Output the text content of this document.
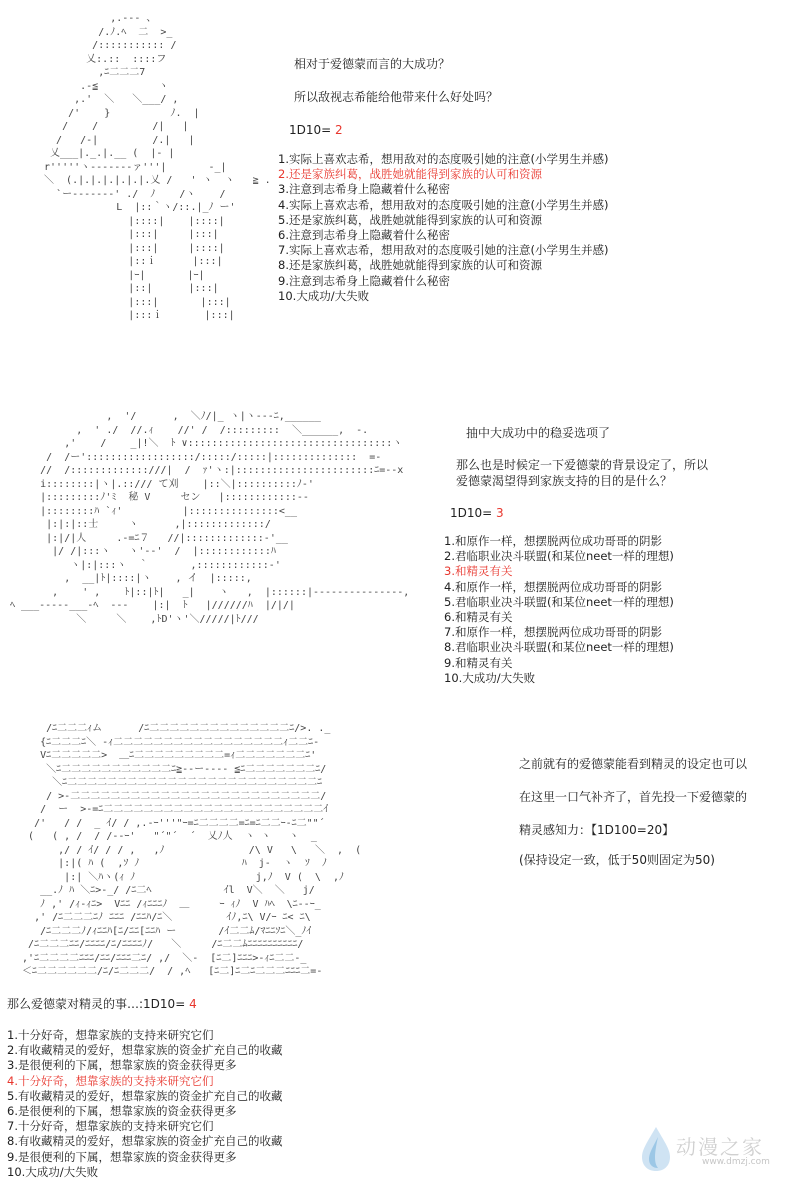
,.--- 、
/.ﾉ.ﾍ  二  >_
/::::::::::: /
乂:.::  ::::フ
,ﾆ二二二7
.-≦          ヽ
,.'  ＼   ＼___/ ,
/'    }          ﾉ.  |
/    /         /|   |
/   /-|         /.|   |
乂___|._.|.__ (  |- |
r'''''ヽ-------ァ'''|       -_|
＼  (.|.|.|.|.|.|.乂 /   ' ヽ  ヽ   ≧ .
`ー-------' ./  ﾉ    /ヽ    /
L  |::｀ヽ/::.|_ﾉ ー'
|::::|    |::::|
|:::|     |:::|
|:::|     |::::|
|::ｉ      |:::|
|ｰ|       |ｰ|
|::|      |:::|
|:::|       |:::|
|:::ｉ       |:::|
相对于爱德蒙而言的大成功？
所以敌视志希能给他带来什么好处吗？
1D10= 2
1.实际上喜欢志希，想用敌对的态度吸引她的注意(小学男生并感)
2.还是家族纠葛，战胜她就能得到家族的认可和资源
3.注意到志希身上隐藏着什么秘密
4.实际上喜欢志希，想用敌对的态度吸引她的注意(小学男生并感)
5.还是家族纠葛，战胜她就能得到家族的认可和资源
6.注意到志希身上隐藏着什么秘密
7.实际上喜欢志希，想用敌对的态度吸引她的注意(小学男生并感)
8.还是家族纠葛，战胜她就能得到家族的认可和资源
9.注意到志希身上隐藏着什么秘密
10.大成功/大失败
,  '/      ,  ＼ﾉ/|_ ヽ|ヽ---ﾆ,______
,  ' ./  //.ｨ    //' /  /:::::::::  ＼______,  -.
,'    /    _|!＼  ﾄ ∨::::::::::::::::::::::::::::::::::ヽ
/  /ー'::::::::::::::::::/:::::/:::::|::::::::::::::  =-
//  /:::::::::::::///|  /  ｧ'ヽ:|:::::::::::::::::::::::ﾆ=--x
i::::::::|ヽ|.::/// て刈    |::＼|::::::::::ﾉ-'
|:::::::::ﾉ'ﾐ  秘 V     セン   |::::::::::::--
|::::::::ﾊ `ｨ'          |:::::::::::::::<__
|:|:|::士     ヽ      ,|:::::::::::::/
|:|/|人     .-=ﾆ７   //|:::::::::::::-'__
|/ /|:::ヽ   ヽ'--'  /  |::::::::::::ﾊ
ヽ|:|:::ヽ  ｀       ,::::::::::::-'
,  __|ﾄ|::::|ヽ    , イ  |:::::,
,    ' ,    ﾄ|::|ﾄ|   _|    ヽ   ,  |::::::|---------------,
ﾍ ___-----___-ﾍ  ---    |:|  ﾄ   |//////ﾊ  |/|/|
＼     ＼    ,ﾄD'ヽ'＼/////|ﾄ///
抽中大成功中的稳妥选项了
那么也是时候定一下爱德蒙的背景设定了，所以
爱德蒙渴望得到家族支持的目的是什么？
1D10= 3
1.和原作一样，想摆脱两位成功哥哥的阴影
2.君临职业决斗联盟(和某位neet一样的理想)
3.和精灵有关
4.和原作一样，想摆脱两位成功哥哥的阴影
5.君临职业决斗联盟(和某位neet一样的理想)
6.和精灵有关
7.和原作一样，想摆脱两位成功哥哥的阴影
8.君临职业决斗联盟(和某位neet一样的理想)
9.和精灵有关
10.大成功/大失败
/ﾆ二二二ｨム      /ﾆ二二二二二二二二二二二二二二ﾆ/>. ._
{ﾆ二二二ﾆ＼ -ｨ二二二二二二二二二二二二二二二二二ｨ二二ﾆ-
Vﾆ二二二二二>  ＿ﾆ二二二二二二二二二=ｨ二二二二二二二ﾆ'
＼ﾆ二二二二二二二二二二二ﾆ≧--ー---- ≦ﾆ二二二二二二二ﾆ/
＼ﾆ二二二二二二二二二二二二二二二二二二二二二二二二二ﾆ
/ >-二二二二二二二二二二二二二二二二二二二二二二二二二/
/  ー  >-=ﾆ二二二二二二二二二二二二二二二二二二二二二二ｲ
/'   / /  _ ｲ/ / ,.-ｰ'''"ｰ=ﾆ二二二二=ﾆ=ﾆ二二ｰ-ﾆ二""´
(   ( , /  / /--ｰ'   "´"´  ´  乂ﾉ人  ヽ ヽ   ヽ  _
,/ / ｲ/ / / ,   ,ﾉ              /\ V   \   ＼  ,  (
|:|( ﾊ (  ,ｿ ﾉ                 ﾊ  j-  ヽ  ｿ  ﾉ
|:| ＼ﾊヽ(ｨ ﾉ                    j,ﾉ  V (  \  ,ﾉ
__.ﾉ ﾊ ＼ﾆ>-_/ /ﾆ二ﾍ            ｲl  V＼  ＼   j/
ﾉ ,' /ｨ-ｨﾆ>  Vﾆﾆ /ｨﾆﾆﾆﾉ  ＿     ｰ ｨﾉ  V ﾊﾍ  \ﾆ--ｰ_
,' /ﾆ二二二ﾆﾉ ﾆﾆﾆ /ﾆﾆﾊ/ﾆ＼         ｲﾉ,ﾆ\ V/ｰ ﾆ< ﾆ\
/ﾆ二二二ﾉ/ｨﾆﾆﾊ[ﾆ/ﾆﾆ[ﾆﾆﾊ ー       /ｲ二二ﾑ/ﾏﾆﾆｿﾆ＼_ﾉｲ
/ﾆ二二二ﾆﾆ/ﾆﾆﾆﾆ/ﾆ/ﾆﾆﾆﾆﾉ/   ＼     /ﾆ二二ﾑﾆﾆﾆﾆﾆﾆﾆﾆﾆﾆ/
,'ﾆ二二二二ﾆﾆﾆ/ﾆﾆ/ﾆﾆﾆ二ﾆ/ ,/  ＼-  [ﾆ二]ﾆﾆﾆ>-ｨﾆ二二-_
＜ﾆ二二二二二二/ﾆ/ﾆ二二二/  / ,ﾍ   [ﾆ二]ﾆ二ﾆ二二二ﾆﾆﾆ二=-
之前就有的爱德蒙能看到精灵的设定也可以
在这里一口气补齐了，首先投一下爱德蒙的
精灵感知力：【1D100=20】
(保持设定一致，低于50则固定为50)
那么爱德蒙对精灵的事…:1D10= 4
1.十分好奇，想靠家族的支持来研究它们
2.有收藏精灵的爱好，想靠家族的资金扩充自己的收藏
3.是很便利的下属，想靠家族的资金获得更多
4.十分好奇，想靠家族的支持来研究它们
5.有收藏精灵的爱好，想靠家族的资金扩充自己的收藏
6.是很便利的下属，想靠家族的资金获得更多
7.十分好奇，想靠家族的支持来研究它们
8.有收藏精灵的爱好，想靠家族的资金扩充自己的收藏
9.是很便利的下属，想靠家族的资金获得更多
10.大成功/大失败
动漫之家
www.dmzj.com
